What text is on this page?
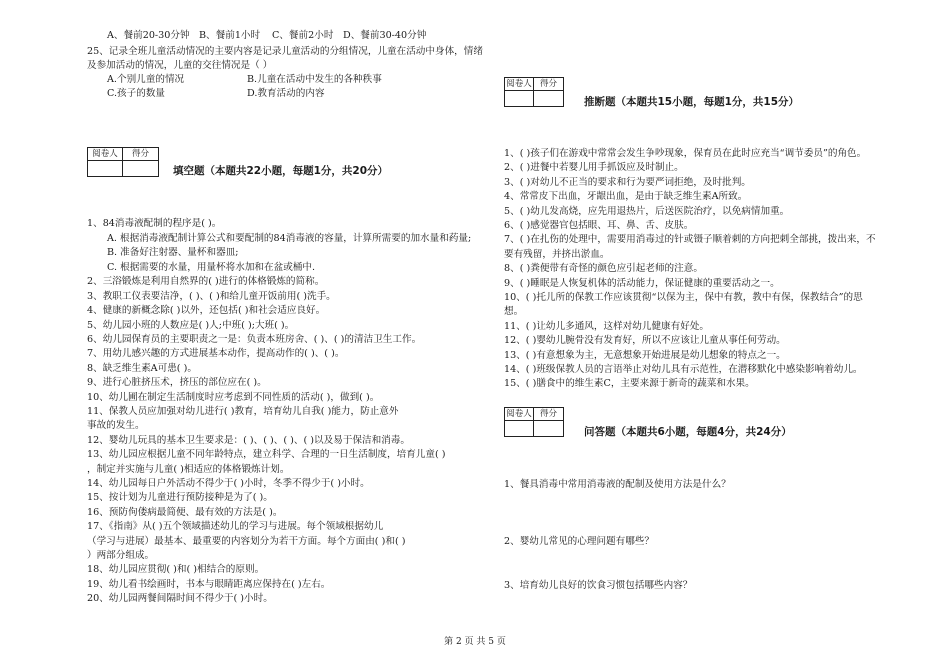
A、餐前20-30分钟 B、餐前1小时 C、餐前2小时 D、餐前30-40分钟
25、记录全班儿童活动情况的主要内容是记录儿童活动的分组情况，儿童在活动中身体，情绪
及参加活动的情况，儿童的交往情况是（ ）
A.个别儿童的情况	B.儿童在活动中发生的各种秩事
C.孩子的数量	D.教育活动的内容
阅卷人	得分
填空题（本题共22小题，每题1分，共20分）
1、84消毒液配制的程序是( )。
A. 根据消毒液配制计算公式和要配制的84消毒液的容量，计算所需要的加水量和药量;
B. 准备好注射器、量杯和器皿;
C. 根据需要的水量，用量杯将水加和在盆或桶中.
2、三浴锻炼是利用自然界的( )进行的体格锻炼的简称。
3、教职工仪表要洁净，( )、( )和给儿童开饭前用( )洗手。
4、健康的新概念除( )以外，还包括( )和社会适应良好。
5、幼儿园小班的人数应是( )人;中班( );大班( )。
6、幼儿园保育员的主要职责之一是：负责本班房舍、( )、( )的清洁卫生工作。
7、用幼儿感兴趣的方式进展基本动作，提高动作的( )、( )。
8、缺乏维生素A可患( )。
9、进行心脏挤压术，挤压的部位应在( )。
10、幼儿圃在制定生活制度时应考虑到不同性质的活动( )，做到( )。
11、保教人员应加强对幼儿进行( )教育，培育幼儿自我( )能力，防止意外
事故的发生。
12、婴幼儿玩具的基本卫生要求是：( )、( )、( )、( )以及易于保洁和消毒。
13、幼儿园应根据儿童不同年龄特点，建立科学、合理的一日生活制度，培育儿童( )
，制定并实施与儿童( )相适应的体格锻炼计划。
14、幼儿园每日户外活动不得少于( )小时，冬季不得少于( )小时。
15、按计划为儿童进行预防接种是为了( )。
16、预防佝偻病最简便、最有效的方法是( )。
17、《指南》从( )五个领域描述幼儿的学习与进展。每个领域根据幼儿
（学习与进展）最基本、最重要的内容划分为若干方面。每个方面由( )和( )
）两部分组成。
18、幼儿园应贯彻( )和( )相结合的原则。
19、幼儿看书绘画时，书本与眼睛距离应保持在( )左右。
20、幼儿园两餐间隔时间不得少于( )小时。
阅卷人 得分
推断题（本题共15小题，每题1分，共15分）
1、( )孩子们在游戏中常常会发生争吵现象，保育员在此时应充当“调节委员”的角色。
2、( )进餐中若婴儿用手抓饭应及时制止。
3、( )对幼儿不正当的要求和行为要严词拒绝，及时批判。
4、常常皮下出血，牙龈出血，是由于缺乏维生素A所致。
5、( )幼儿发高烧，应先用退热片，后送医院治疗，以免病情加重。
6、( )感觉器官包括眼、耳、鼻、舌、皮肤。
7、( )在扎伤的处理中，需要用消毒过的针或镊子顺着刺的方向把刺全部挑，拨出来，不
要有残留，并挤出淤血。
8、( )粪便带有奇怪的颜色应引起老师的注意。
9、( )睡眠是人恢复机体的活动能力，保证健康的重要活动之一。
10、( )托儿所的保教工作应该贯彻“以保为主，保中有教，教中有保，保教结合”的思
想。
11、( )让幼儿多通风，这样对幼儿健康有好处。
12、( )婴幼儿腕骨没有发育好，所以不应该让儿童从事任何劳动。
13、( )有意想象为主，无意想象开始进展是幼儿想象的特点之一。
14、( )班级保教人员的言语举止对幼儿具有示范性，在潜移默化中感染影响着幼儿。
15、( )膳食中的维生素C，主要来源于新奇的蔬菜和水果。
阅卷人 得分
问答题（本题共6小题，每题4分，共24分）
1、餐具消毒中常用消毒液的配制及使用方法是什么？
2、婴幼儿常见的心理问题有哪些？
3、培育幼儿良好的饮食习惯包括哪些内容？
第 2 页 共 5 页
